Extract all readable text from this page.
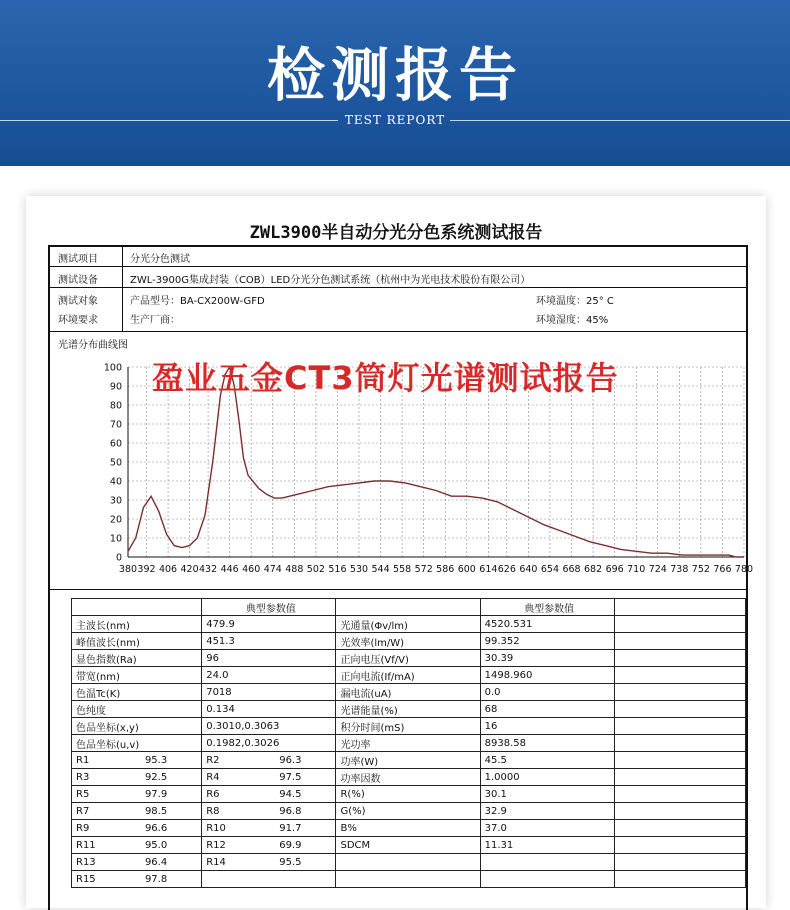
检测报告
TEST REPORT
ZWL3900半自动分光分色系统测试报告
测试项目	分光分色测试
测试设备	ZWL-3900G集成封装（COB）LED分光分色测试系统（杭州中为光电技术股份有限公司）
测试对象	产品型号：BA-CX200W-GFD	环境温度：25° C
环境要求	生产厂商：	环境湿度：45%
光谱分布曲线图
380 392 406 420 432 446 460 474 488 502 516 530 544 558 572 586 600 614 626 640 654 668 682 696 710 724 738 752 766 780
0
10
20
30
40
50
60
70
80
90
100 盈业五金CT3筒灯光谱测试报告
	典型参数值		典型参数值	
主波长(nm)	479.9	光通量(Φv/lm)	4520.531	
峰值波长(nm)	451.3	光效率(lm/W)	99.352	
显色指数(Ra)	96	正向电压(Vf/V)	30.39	
带宽(nm)	24.0	正向电流(If/mA)	1498.960	
色温Tc(K)	7018	漏电流(uA)	0.0	
色纯度	0.134	光谱能量(%)	68	
色品坐标(x,y)	0.3010,0.3063	积分时间(mS)	16	
色品坐标(u,v)	0.1982,0.3026	光功率	8938.58	
R1 95.3	R2 96.3	功率(W)	45.5	
R3 92.5	R4 97.5	功率因数	1.0000	
R5 97.9	R6 94.5	R(%)	30.1	
R7 98.5	R8 96.8	G(%)	32.9	
R9 96.6	R10 91.7	B%	37.0	
R11 95.0	R12 69.9	SDCM	11.31	
R13 96.4	R14 95.5			

R15 97.8				
